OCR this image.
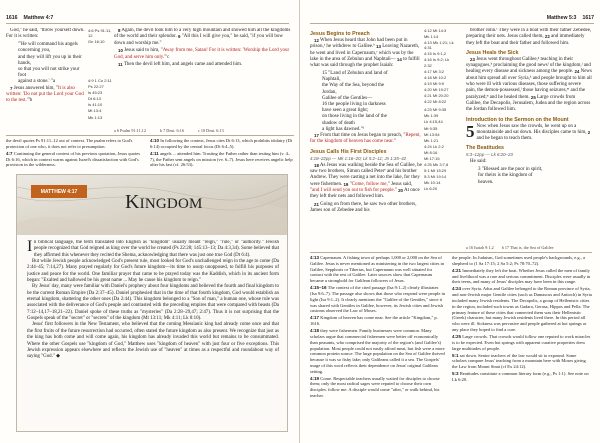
1616 Matthew 4:7

God," he said, "throw yourself down. For it is written:

"'He will command his angels
concerning you,
and they will lift you up in their
hands,
so that you will not strike your foot
against a stone.' "a

7 Jesus answered him, "It is also written: 'Do not put the Lord your God to the test.'"b

4:6 Ps 91:11, 12
Gn 16:10
4:9 1 Co 2:11
Ps 22:27
Is 45:23
Dt 6:13
Is 41:10
Mt 13:4
Mk 1:13

8 Again, the devil took him to a very high mountain and showed him all the kingdoms of the world and their splendor. 9 "All this I will give you," he said, "if you will bow down and worship me."

10 Jesus said to him, "Away from me, Satan! For it is written: 'Worship the Lord your God, and serve him only.'"c

11 Then the devil left him, and angels came and attended him.

a 6 Psalm 91:11,12	b 7 Deut. 6:16	c 10 Deut. 6:13
the devil quotes Ps 91:11–12 out of context. The psalm refers to God's protection of one who, it does not refer to presumption.
4:7 Continuing the general context of his previous quotation, Jesus quotes Dt 6:16, which in context warns against Israel's dissatisfaction with God's provision in the wilderness.
4:10 In following the context, Jesus cites Dt 6:13, which prohibits idolatry (Dt 6:14) occupied by the central focus (Dt 6:4–5).
4:11 angels ... attended him. Trusting the Father rather than testing him (v. 4–7), the Father sent angels on mission (vv. 6–7). Jesus here receives angelic help after his fast (cf. 26:53).
MATTHEW 4:17	KINGDOM

In biblical language, the term translated into English as "kingdom" usually meant "reign," "rule," or "authority." Jewish people recognized that God reigned as king over the world he created (Ps 22:28; 145:13–13; Da 4:3,34). Some believed that they affirmed this whenever they recited the Shema, acknowledging that there was just one true God (Dt 6:4).

But while Jewish people acknowledged God's present rule, most looked for God's unchallenged reign in the age to come (Da 2:44–45; 7:14,27). Many prayed regularly for God's future kingdom—its time to usurp unopposed, to fulfill his purposes of justice and peace for the world. One familiar prayer that came to be prayed today was the Kaddish, which in its ancient form began: "Exalted and hallowed be his great name ... May he cause his kingdom to reign."

By Jesus' day, many were familiar with Daniel's prophecy about four kingdoms and believed the fourth and final kingdom to be the current Roman Empire (Da 2:37–45). Daniel prophesied that in the time of that fourth kingdom, God would establish an eternal kingdom, shattering the other ones (Da 2:44). This kingdom belonged to a "Son of man," a human one, whose rule was associated with the deliverance of God's people and contrasted with the preceding empires that were compared with beasts (Da 7:12–14,17–18,21–22). Daniel spoke of these truths as "mysteries" (Da 2:28–29,47; 2:47). Thus it is not surprising that the Gospels speak of the "secret" or "secrets" of the kingdom (Mt 13:11; Mk 4:11; Lk 8:10).

Jesus' first followers in the New Testament, who believed that the coming Messianic king had already come once and that the first fruits of the future resurrection had occurred, often stated the future kingdom as also present. We recognize that just as the king has both come and will come again, his kingdom has already invaded this world but remains to be consummated. Where the other Gospels use "kingdom of God," Matthew uses "kingdom of heaven" with just four or five exceptions. This Jewish expression appears elsewhere and reflects the Jewish use of "heaven" at times as a respectful and roundabout way of saying "God." ◆

Matthew 5:3 1617
Jesus Begins to Preach

12 When Jesus heard that John had been put in prison,ᵃ he withdrew to Galilee.ᵇ 13 Leaving Nazareth, he went and lived in Capernaum,ᶜ which was by the lake in the area of Zebulun and Naphtali— 14 to fulfill what was said through the prophet Isaiah:

15 "Land of Zebulun and land of
Naphtali,
the Way of the Sea, beyond the
Jordan,
Galilee of the Gentiles—
16 the people living in darkness
have seen a great light;
on those living in the land of the
shadow of death
a light has dawned."ᵈ

17 From that time on Jesus began to preach, "Repent, for the kingdom of heaven has come near."

Jesus Calls His First Disciples
4:18–22pp — Mk 1:16–20; Lk 5:2–11; Jn 1:35–42

18 As Jesus was walking beside the Sea of Galilee, he saw two brothers, Simon called Peterᵉ and his brother Andrew. They were casting a net into the lake, for they were fishermen. 19 "Come, follow me," Jesus said, "and I will send you out to fish for people." 20 At once they left their nets and followed him.

21 Going on from there, he saw two other brothers, James son of Zebedee and his

4:12 Mt 14:3
Mk 1:14
4:13 Mk 1:21; Lk 4:31
4:15 Is 9:1,2
4:16 Is 9:2; Lk 2:32
4:17 Mt 3:2
4:18 Mt 10:2
4:19 Mt 9:9
4:20 Mt 19:27
4:21 Mt 20:20
4:22 Mt 8:22
4:23 Mt 9:35
Mk 1:39
Lk 4:15,44
Mt 9:35
Mt 13:54
Mk 1:21
4:24 Lk 2:2
Mt 8:16
Mt 17:15
4:25 Mk 3:7,8
5:1 Mt 15:29
5:3 Mt 19:14
Mk 10:14
Lk 6:20

brother John.ᶠ They were in a boat with their father Zebedee, preparing their nets. Jesus called them, 22 and immediately they left the boat and their father and followed him.

Jesus Heals the Sick

23 Jesus went throughout Galilee,ᵍ teaching in their synagogues,ʰ proclaiming the good newsⁱ of the kingdom,ʲ and healing every disease and sickness among the people. 24 News about him spread all over Syria,ᵏ and people brought to him all who were ill with various diseases, those suffering severe pain, the demon-possessed,ˡ those having seizures,ᵐ and the paralyzed;ⁿ and he healed them. 25 Large crowds from Galilee, the Decapolis, Jerusalem, Judea and the region across the Jordan followed him.

Introduction to the Sermon on the Mount

5 Now when Jesus saw the crowds, he went up on a mountainside and sat down. His disciples came to him, 2 and he began to teach them.

The Beatitudes
5:3–12pp — Lk 6:20–23

He said:

3 "Blessed are the poor in spirit,
for theirs is the kingdom of
heaven.
a 16 Isaiah 9:1,2 b 17 That is, the Sea of Galilee
4:13 Capernaum. A fishing town of perhaps 1,000 or 2,000 on the Sea of Galilee. Jesus is never mentioned as ministering in the two largest cities in Galilee, Sepphoris or Tiberias, but Capernaum was well situated for contact with the rest of Galilee. Later sources show that Capernaum became a stronghold for Galilean followers of Jesus.
4:15–16 The context of the cited passage (Isa 9:1–2) clearly illustrates (Isa 9:6–7). The passage also shows that those who respond were people in light (Isa 9:1–2). It clearly mentions the "Galilee of the Gentiles," since it was shared with Gentiles in Galilee, however, its Jewish cities and Jewish customs observed the Law of Moses.
4:17 Kingdom of heaven has come near. See the article "Kingdom," p. 1616.
4:18 they were fishermen. Family businesses were common. Many scholars argue that commercial fishermen were better off economically than peasants, who comprised the majority of the region's (and Galilee's) population. Most people could not easily afford meat, but fish were a more common protein source. The large population on the Sea of Galilee thrived because it was so fishy lake; only Galileans called it a sea. The Gospels' usage of this word reflects their dependence on Jesus' original Galilean setting.
4:19 Come. Respectable teachers usually waited for disciples to choose them; only the most radical sages were reputed to choose their own disciples. follow me. A disciple would come "after," or walk behind, his teacher.
the people. In Judaism, God sometimes used people's backgrounds, e.g., a shepherd to (1 Sa 17:15; 2 Sa 5:2; Ps 78:70–72).
4:21 Immediately they left the boat. Whether Jesus called the men of family and livelihood was a rare and serious commitment. Disciples were usually in their teens, and many of Jesus' disciples may have been in this range.
4:24 over Syria. Adus and Galilee belonged to the Roman province of Syria, and non-Jewish major Gentile cities (such as Damascus and Antioch) in Syria included many Jewish residents. The Decapolis, a group of Hellenistic cities in the region, included such towns as Gadara, Gerasa, Hippos and Pella. The primary feature of these cities that connected them was their Hellenistic (Greek) character, but many Jewish residents lived there. In this period all who were ill. Sickness was pervasive and people gathered at hot springs or any place they hoped to find a cure.
4:25 Large crowds. That crowds would follow one reputed to work miracles is to be expected. Even hot springs with apparent curative properties drew large multitudes of people.
5:1 sat down. Senior teachers of the law would sit to expound. Some scholars compare Jesus' teaching from a mountain here with Moses giving the Law from Mount Sinai (cf Ex 24:12).
5:3 Beatitudes constitute a common literary form (e.g., Ps 1:1). See note on Lk 6:20.
